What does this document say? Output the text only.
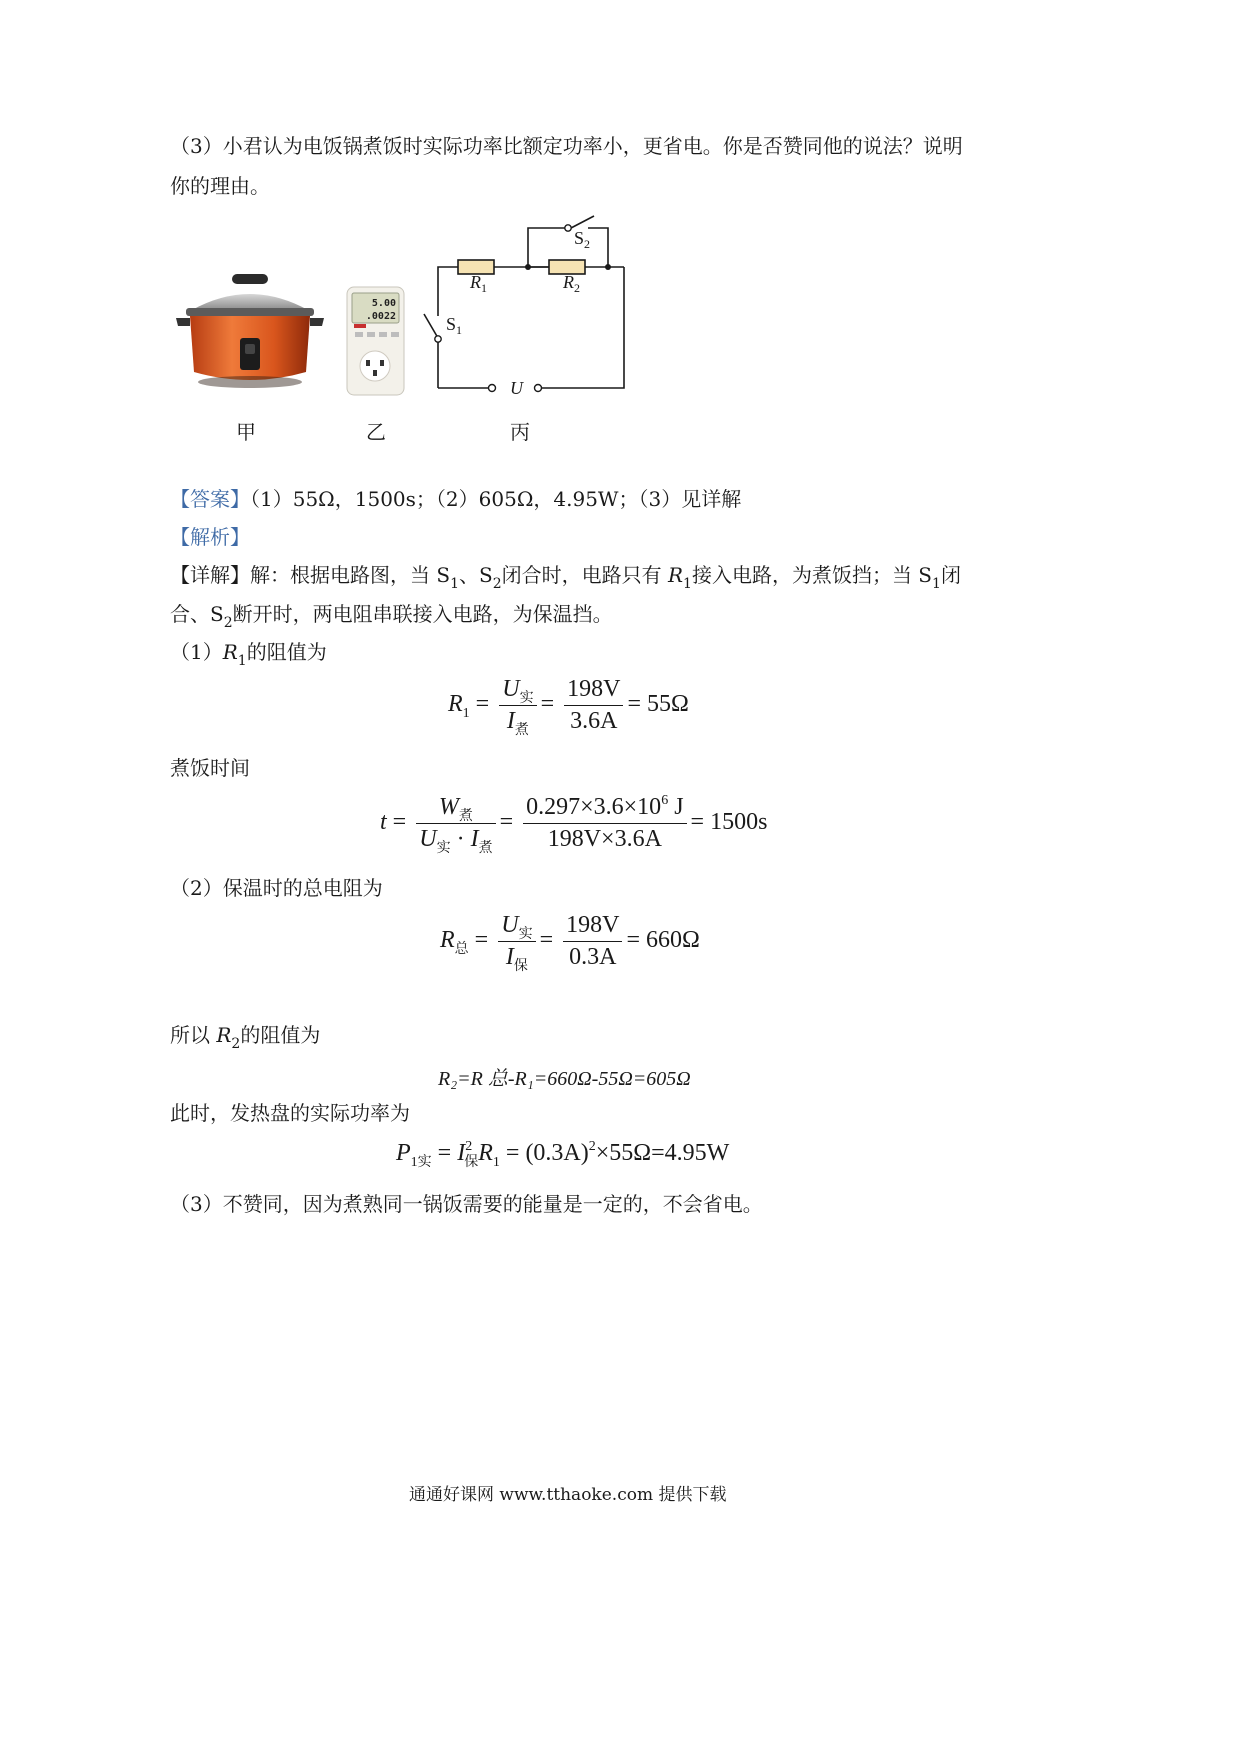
（3）小君认为电饭锅煮饭时实际功率比额定功率小，更省电。你是否赞同他的说法？说明
你的理由。
5.00
.0022	$S_1$
$S_2$
$R_1$	$R_2$
U
甲	乙	丙
【答案】（1）55Ω，1500s；（2）605Ω，4.95W；（3）见详解
【解析】
【详解】解：根据电路图，当 $S_1$、$S_2$闭合时，电路只有 $R_1$接入电路，为煮饭挡；当 $S_1$闭
合、$S_2$断开时，两电阻串联接入电路，为保温挡。
$(1)R_1$的阻值为
$R_1 = \frac{U_实}{I_煮} = \frac{198V}{3.6A} = 55\Omega$
煮饭时间
$t = \frac{W_煮}{U_实 \cdot I_煮} = \frac{0.297\times 3.6\times 10^6 J}{198V\times 3.6A} = 1500s$
（2）保温时的总电阻为
$R_总 = \frac{U_实}{I_保} = \frac{198V}{0.3A} = 660\Omega$
所以 $R_2$的阻值为
R₂=R 总-R₁=660Ω-55Ω=605Ω
此时，发热盘的实际功率为
$P_{1实} = I^2_保R_1 = (0.3A)^2\times 55\Omega=4.95W$
（3）不赞同，因为煮熟同一锅饭需要的能量是一定的，不会省电。
通通好课网 www.tthaoke.com 提供下载
